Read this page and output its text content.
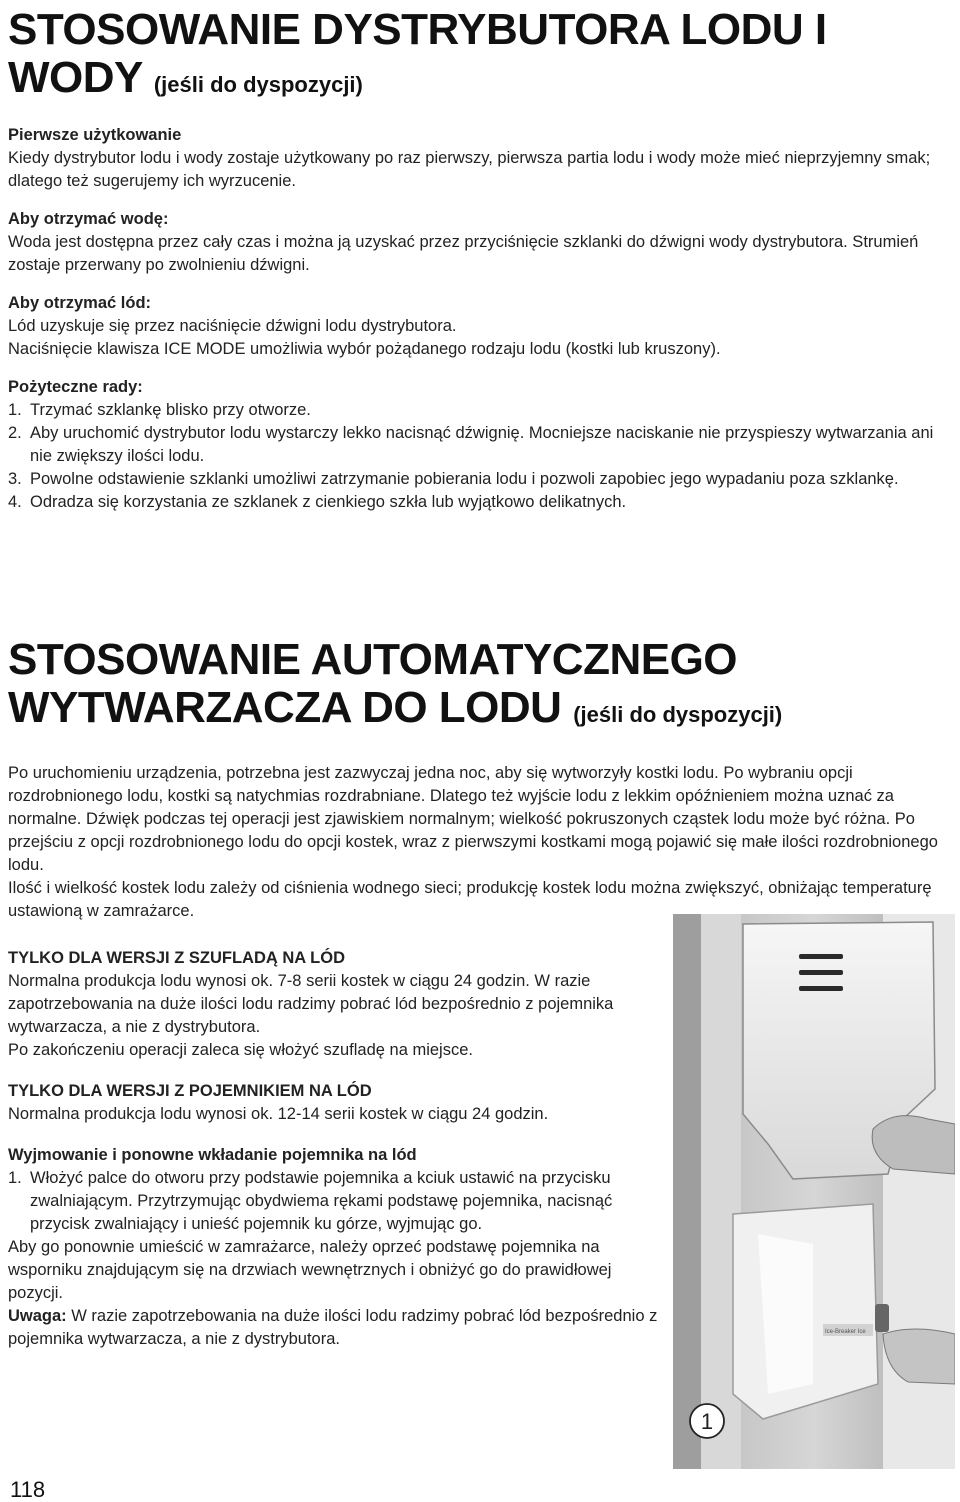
STOSOWANIE DYSTRYBUTORA LODU I WODY (jeśli do dyspozycji)

Pierwsze użytkowanie

Kiedy dystrybutor lodu i wody zostaje użytkowany po raz pierwszy, pierwsza partia lodu i wody może mieć nieprzyjemny smak; dlatego też sugerujemy ich wyrzucenie.

Aby otrzymać wodę:

Woda jest dostępna przez cały czas i można ją uzyskać przez przyciśnięcie szklanki do dźwigni wody dystrybutora. Strumień zostaje przerwany po zwolnieniu dźwigni.

Aby otrzymać lód:

Lód uzyskuje się przez naciśnięcie dźwigni lodu dystrybutora.

Naciśnięcie klawisza ICE MODE umożliwia wybór pożądanego rodzaju lodu (kostki lub kruszony).

Pożyteczne rady:

1. Trzymać szklankę blisko przy otworze.
2. Aby uruchomić dystrybutor lodu wystarczy lekko nacisnąć dźwignię. Mocniejsze naciskanie nie przyspieszy wytwarzania ani nie zwiększy ilości lodu.
3. Powolne odstawienie szklanki umożliwi zatrzymanie pobierania lodu i pozwoli zapobiec jego wypadaniu poza szklankę.
4. Odradza się korzystania ze szklanek z cienkiego szkła lub wyjątkowo delikatnych.
STOSOWANIE AUTOMATYCZNEGO
WYTWARZACZA DO LODU (jeśli do dyspozycji)

Po uruchomieniu urządzenia, potrzebna jest zazwyczaj jedna noc, aby się wytworzyły kostki lodu. Po wybraniu opcji rozdrobnionego lodu, kostki są natychmias rozdrabniane. Dlatego też wyjście lodu z lekkim opóźnieniem można uznać za normalne. Dźwięk podczas tej operacji jest zjawiskiem normalnym; wielkość pokruszonych cząstek lodu może być różna. Po przejściu z opcji rozdrobnionego lodu do opcji kostek, wraz z pierwszymi kostkami mogą pojawić się małe ilości rozdrobnionego lodu.

Ilość i wielkość kostek lodu zależy od ciśnienia wodnego sieci; produkcję kostek lodu można zwiększyć, obniżając temperaturę ustawioną w zamrażarce.

TYLKO DLA WERSJI Z SZUFLADĄ NA LÓD

Normalna produkcja lodu wynosi ok. 7-8 serii kostek w ciągu 24 godzin. W razie zapotrzebowania na duże ilości lodu radzimy pobrać lód bezpośrednio z pojemnika wytwarzacza, a nie z dystrybutora.

Po zakończeniu operacji zaleca się włożyć szufladę na miejsce.

TYLKO DLA WERSJI Z POJEMNIKIEM NA LÓD

Normalna produkcja lodu wynosi ok. 12-14 serii kostek w ciągu 24 godzin.

Wyjmowanie i ponowne wkładanie pojemnika na lód

1. Włożyć palce do otworu przy podstawie pojemnika a kciuk ustawić na przycisku zwalniającym. Przytrzymując obydwiema rękami podstawę pojemnika, nacisnąć przycisk zwalniający i unieść pojemnik ku górze, wyjmując go.

Aby go ponownie umieścić w zamrażarce, należy oprzeć podstawę pojemnika na wsporniku znajdującym się na drzwiach wewnętrznych i obniżyć go do prawidłowej pozycji.

Uwaga: W razie zapotrzebowania na duże ilości lodu radzimy pobrać lód bezpośrednio z pojemnika wytwarzacza, a nie z dystrybutora.	Ice-Breaker Ice
1
118
